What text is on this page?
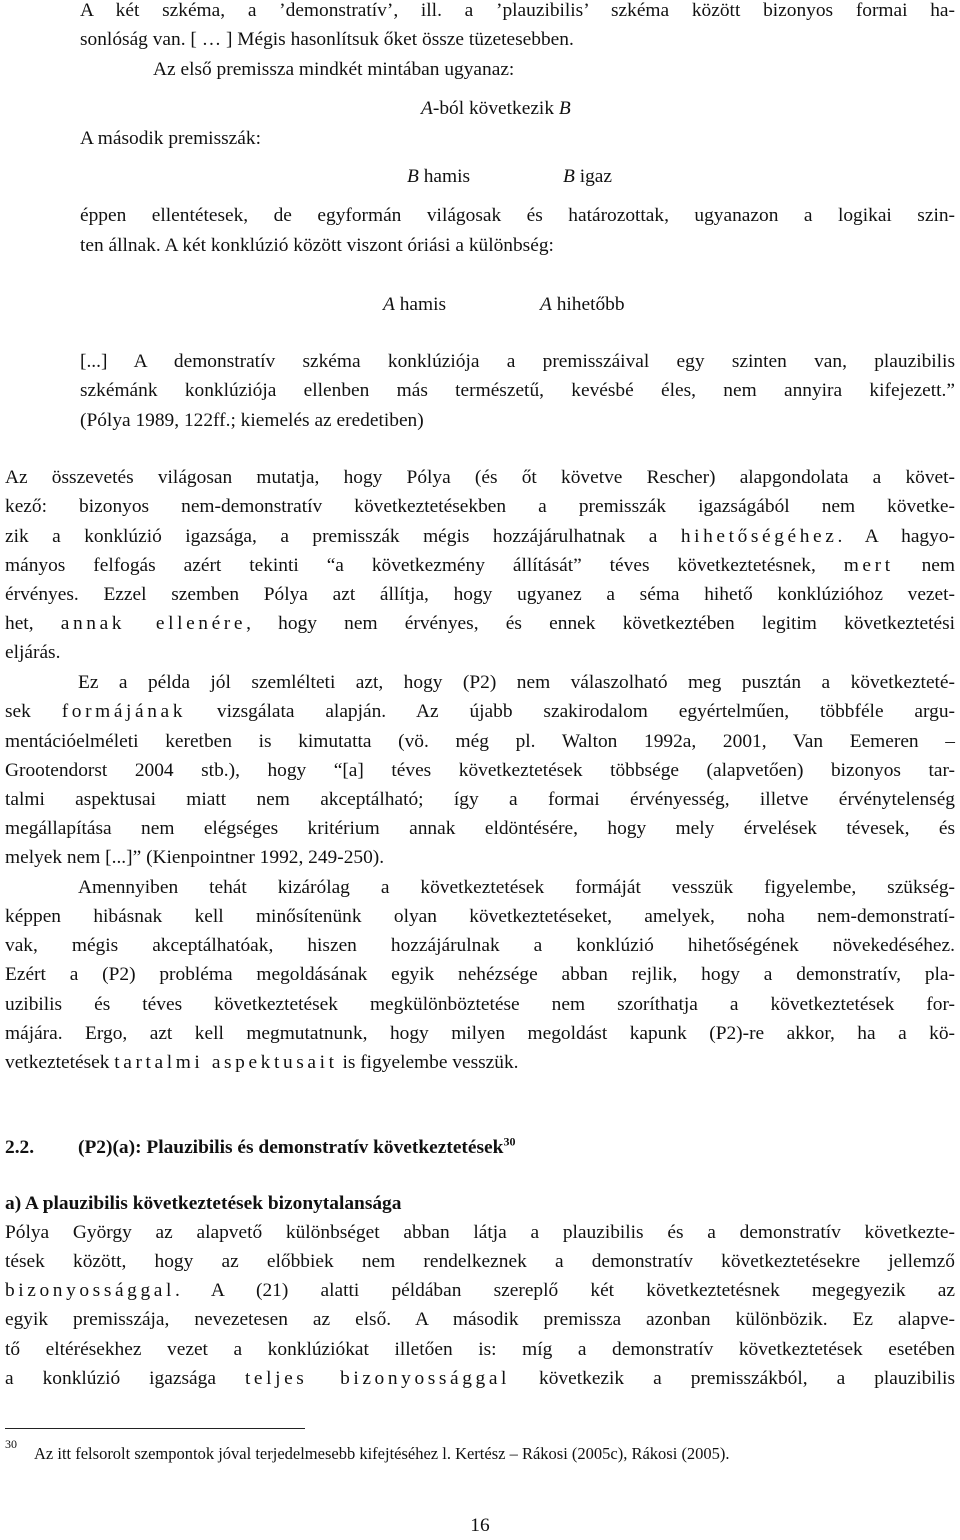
A két szkéma, a ’demonstratív’, ill. a ’plauzibilis’ szkéma között bizonyos formai ha-

sonlóság van. [ … ] Mégis hasonlítsuk őket össze tüzetesebben.

Az első premissza mindkét mintában ugyanaz:

A-ból következik B

A második premisszák:

B hamis	B igaz

éppen ellentétesek, de egyformán világosak és határozottak, ugyanazon a logikai szin-

ten állnak. A két konklúzió között viszont óriási a különbség:

A hamis	A hihetőbb

[...] A demonstratív szkéma konklúziója a premisszáival egy szinten van, plauzibilis

szkémánk konklúziója ellenben más természetű, kevésbé éles, nem annyira kifejezett.”

(Pólya 1989, 122ff.; kiemelés az eredetiben)

Az összevetés világosan mutatja, hogy Pólya (és őt követve Rescher) alapgondolata a követ-

kező: bizonyos nem-demonstratív következtetésekben a premisszák igazságából nem követke-

zik a konklúzió igazsága, a premisszák mégis hozzájárulhatnak a hihetőségéhez. A hagyo-

mányos felfogás azért tekinti “a következmény állítását” téves következtetésnek, mert nem

érvényes. Ezzel szemben Pólya azt állítja, hogy ugyanez a séma hihető konklúzióhoz vezet-

het, annak ellenére, hogy nem érvényes, és ennek következtében legitim következtetési

eljárás.

Ez a példa jól szemlélteti azt, hogy (P2) nem válaszolható meg pusztán a következteté-

sek formájának vizsgálata alapján. Az újabb szakirodalom egyértelműen, többféle argu-

mentációelméleti keretben is kimutatta (vö. még pl. Walton 1992a, 2001, Van Eemeren –

Grootendorst 2004 stb.), hogy “[a] téves következtetések többsége (alapvetően) bizonyos tar-

talmi aspektusai miatt nem akceptálható; így a formai érvényesség, illetve érvénytelenség

megállapítása nem elégséges kritérium annak eldöntésére, hogy mely érvelések tévesek, és

melyek nem [...]” (Kienpointner 1992, 249-250).

Amennyiben tehát kizárólag a következtetések formáját vesszük figyelembe, szükség-

képpen hibásnak kell minősítenünk olyan következtetéseket, amelyek, noha nem-demonstratí-

vak, mégis akceptálhatóak, hiszen hozzájárulnak a konklúzió hihetőségének növekedéséhez.

Ezért a (P2) probléma megoldásának egyik nehézsége abban rejlik, hogy a demonstratív, pla-

uzibilis és téves következtetések megkülönböztetése nem szoríthatja a következtetések for-

májára. Ergo, azt kell megmutatnunk, hogy milyen megoldást kapunk (P2)-re akkor, ha a kö-

vetkeztetések tartalmi aspektusait is figyelembe vesszük.

2.2. (P2)(a): Plauzibilis és demonstratív következtetések$^{30}$

a) A plauzibilis következtetések bizonytalansága

Pólya György az alapvető különbséget abban látja a plauzibilis és a demonstratív következte-

tések között, hogy az előbbiek nem rendelkeznek a demonstratív következtetésekre jellemző

bizonyossággal. A (21) alatti példában szereplő két következtetésnek megegyezik az

egyik premisszája, nevezetesen az első. A második premissza azonban különbözik. Ez alapve-

tő eltérésekhez vezet a konklúziókat illetően is: míg a demonstratív következtetések esetében

a konklúzió igazsága teljes bizonyossággal következik a premisszákból, a plauzibilis

30 Az itt felsorolt szempontok jóval terjedelmesebb kifejtéséhez l. Kertész – Rákosi (2005c), Rákosi (2005).

16
